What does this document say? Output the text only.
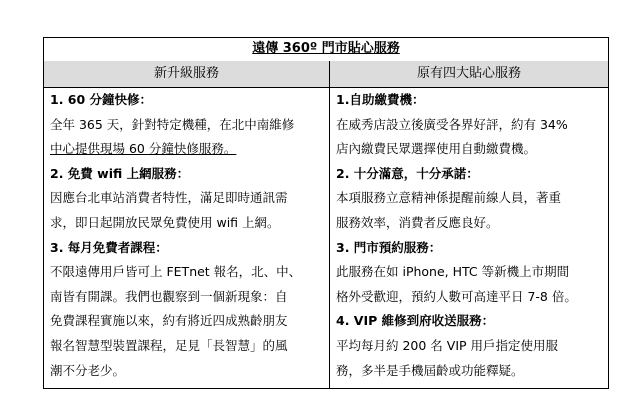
遠傳 360º 門市貼心服務
新升級服務
1. 60 分鐘快修：
全年 365 天，針對特定機種，在北中南維修
中心提供現場 60 分鐘快修服務。
2. 免費 wifi 上網服務：
因應台北車站消費者特性，滿足即時通訊需
求，即日起開放民眾免費使用 wifi 上網。
3. 每月免費者課程：
不限遠傳用戶皆可上 FETnet 報名，北、中、
南皆有開課。我們也觀察到一個新現象：自
免費課程實施以來，約有將近四成熟齡朋友
報名智慧型裝置課程，足見「長智慧」的風
潮不分老少。
原有四大貼心服務
1.自助繳費機：
在威秀店設立後廣受各界好評，約有 34%
店內繳費民眾選擇使用自動繳費機。
2. 十分滿意，十分承諾：
本項服務立意精神係提醒前線人員，著重
服務效率，消費者反應良好。
3. 門市預約服務：
此服務在如 iPhone, HTC 等新機上市期間
格外受歡迎，預約人數可高達平日 7-8 倍。
4. VIP 維修到府收送服務：
平均每月約 200 名 VIP 用戶指定使用服
務，多半是手機屆齡或功能釋疑。
